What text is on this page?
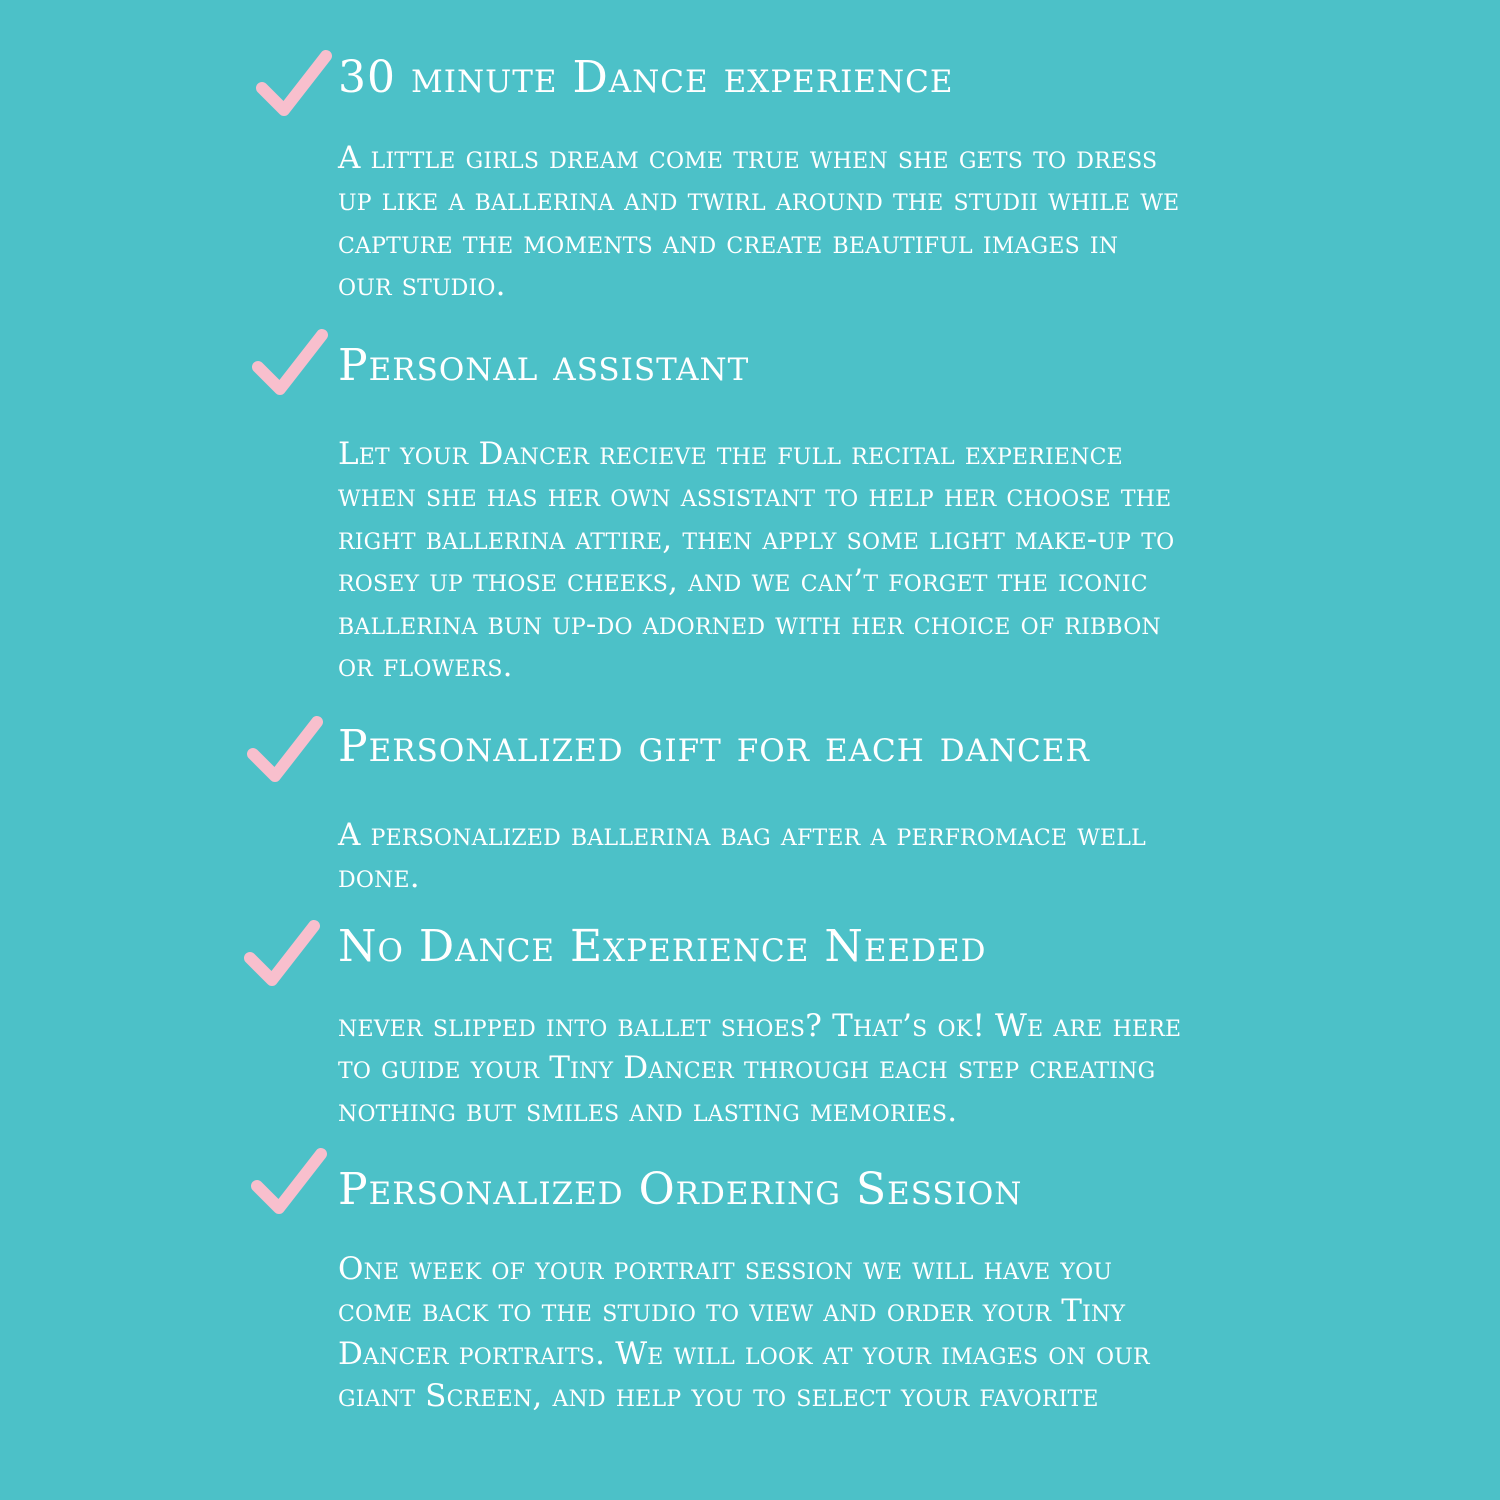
30 minute Dance experience

A little girls dream come true when she gets to dress
up like a ballerina and twirl around the studii while we
capture the moments and create beautiful images in
our studio.

Personal assistant

Let your Dancer recieve the full recital experience
when she has her own assistant to help her choose the
right ballerina attire, then apply some light make-up to
rosey up those cheeks, and we can’t forget the iconic
ballerina bun up-do adorned with her choice of ribbon
or flowers.

Personalized gift for each dancer

A personalized ballerina bag after a perfromace well
done.

No Dance Experience Needed

never slipped into ballet shoes? That’s ok! We are here
to guide your Tiny Dancer through each step creating
nothing but smiles and lasting memories.

Personalized Ordering Session

One week of your portrait session we will have you
come back to the studio to view and order your Tiny
Dancer portraits. We will look at your images on our
giant Screen, and help you to select your favorite
